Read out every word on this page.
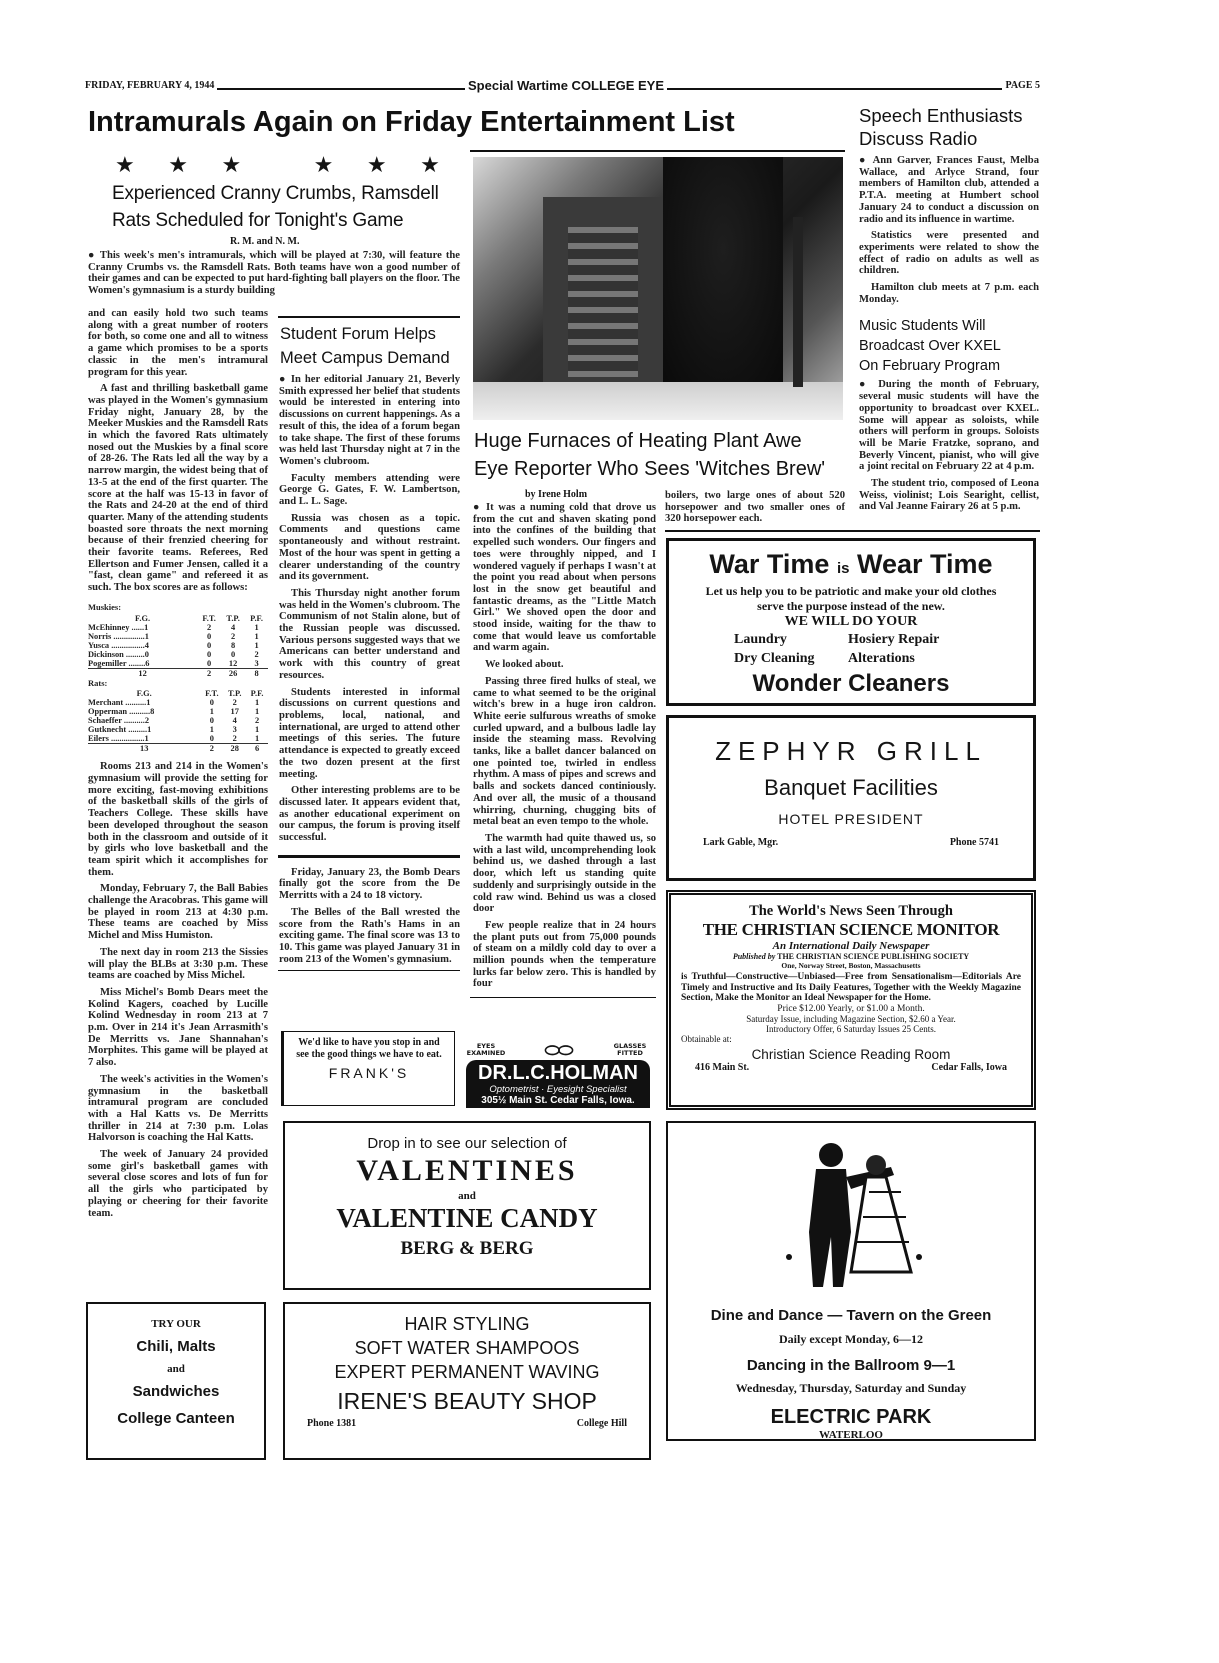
FRIDAY, FEBRUARY 4, 1944	Special Wartime COLLEGE EYE	PAGE 5
Intramurals Again on Friday Entertainment List
★ ★ ★   ★ ★ ★
Experienced Cranny Crumbs, Ramsdell
Rats Scheduled for Tonight's Game
R. M. and N. M.

● This week's men's intramurals, which will be played at 7:30, will feature the Cranny Crumbs vs. the Ramsdell Rats. Both teams have won a good number of their games and can be expected to put hard-fighting ball players on the floor. The Women's gymnasium is a sturdy building

and can easily hold two such teams along with a great number of rooters for both, so come one and all to witness a game which promises to be a sports classic in the men's intramural program for this year.

A fast and thrilling basketball game was played in the Women's gymnasium Friday night, January 28, by the Meeker Muskies and the Ramsdell Rats in which the favored Rats ultimately nosed out the Muskies by a final score of 28-26. The Rats led all the way by a narrow margin, the widest being that of 13-5 at the end of the first quarter. The score at the half was 15-13 in favor of the Rats and 24-20 at the end of third quarter. Many of the attending students boasted sore throats the next morning because of their frenzied cheering for their favorite teams. Referees, Red Ellertson and Fumer Jensen, called it a "fast, clean game" and refereed it as such. The box scores are as follows:

Muskies:
	F.G.	F.T.	T.P.	P.F.
McEhinney ......1	2	4	1
Norris ...............1	0	2	1
Yusca ................4	0	8	1
Dickinson .........0	0	0	2
Pogemiller ........6	0	12	3
12	2	26	8
Rats:
	F.G.	F.T.	T.P.	P.F.
Merchant ..........1	0	2	1
Opperman ..........8	1	17	1
Schaeffer ..........2	0	4	2
Gutknecht .........1	1	3	1
Eilers ................1	0	2	1
13	2	28	6

Rooms 213 and 214 in the Women's gymnasium will provide the setting for more exciting, fast-moving exhibitions of the basketball skills of the girls of Teachers College. These skills have been developed throughout the season both in the classroom and outside of it by girls who love basketball and the team spirit which it accomplishes for them.

Monday, February 7, the Ball Babies challenge the Aracobras. This game will be played in room 213 at 4:30 p.m. These teams are coached by Miss Michel and Miss Humiston.

The next day in room 213 the Sissies will play the BLBs at 3:30 p.m. These teams are coached by Miss Michel.

Miss Michel's Bomb Dears meet the Kolind Kagers, coached by Lucille Kolind Wednesday in room 213 at 7 p.m. Over in 214 it's Jean Arrasmith's De Merritts vs. Jane Shannahan's Morphites. This game will be played at 7 also.

The week's activities in the Women's gymnasium in the basketball intramural program are concluded with a Hal Katts vs. De Merritts thriller in 214 at 7:30 p.m. Lolas Halvorson is coaching the Hal Katts.

The week of January 24 provided some girl's basketball games with several close scores and lots of fun for all the girls who participated by playing or cheering for their favorite team.

TRY OUR
Chili, Malts
and
Sandwiches
College Canteen
Student Forum Helps
Meet Campus Demand

● In her editorial January 21, Beverly Smith expressed her belief that students would be interested in entering into discussions on current happenings. As a result of this, the idea of a forum began to take shape. The first of these forums was held last Thursday night at 7 in the Women's clubroom.

Faculty members attending were George G. Gates, F. W. Lambertson, and L. L. Sage.

Russia was chosen as a topic. Comments and questions came spontaneously and without restraint. Most of the hour was spent in getting a clearer understanding of the country and its government.

This Thursday night another forum was held in the Women's clubroom. The Communism of not Stalin alone, but of the Russian people was discussed. Various persons suggested ways that we Americans can better understand and work with this country of great resources.

Students interested in informal discussions on current questions and problems, local, national, and international, are urged to attend other meetings of this series. The future attendance is expected to greatly exceed the two dozen present at the first meeting.

Other interesting problems are to be discussed later. It appears evident that, as another educational experiment on our campus, the forum is proving itself successful.

Friday, January 23, the Bomb Dears finally got the score from the De Merritts with a 24 to 18 victory.

The Belles of the Ball wrested the score from the Rath's Hams in an exciting game. The final score was 13 to 10. This game was played January 31 in room 213 of the Women's gymnasium.

We'd like to have you stop in and see the good things we have to eat.
FRANK'S
Huge Furnaces of Heating Plant Awe
Eye Reporter Who Sees 'Witches Brew'
by Irene Holm

● It was a numing cold that drove us from the cut and shaven skating pond into the confines of the building that expelled such wonders. Our fingers and toes were throughly nipped, and I wondered vaguely if perhaps I wasn't at the point you read about when persons lost in the snow get beautiful and fantastic dreams, as the "Little Match Girl." We shoved open the door and stood inside, waiting for the thaw to come that would leave us comfortable and warm again.

We looked about.

Passing three fired hulks of steal, we came to what seemed to be the original witch's brew in a huge iron caldron. White eerie sulfurous wreaths of smoke curled upward, and a bulbous ladle lay inside the steaming mass. Revolving tanks, like a ballet dancer balanced on one pointed toe, twirled in endless rhythm. A mass of pipes and screws and balls and sockets danced continiously. And over all, the music of a thousand whirring, churning, chugging bits of metal beat an even tempo to the whole.

The warmth had quite thawed us, so with a last wild, uncomprehending look behind us, we dashed through a last door, which left us standing quite suddenly and surprisingly outside in the cold raw wind. Behind us was a closed door

Few people realize that in 24 hours the plant puts out from 75,000 pounds of steam on a mildly cold day to over a million pounds when the temperature lurks far below zero. This is handled by four

EYES EXAMINED ⬭⬭	GLASSES FITTED
DR.L.C.HOLMAN
Optometrist · Eyesight Specialist
305½ Main St. Cedar Falls, Iowa.

boilers, two large ones of about 520 horsepower and two smaller ones of 320 horsepower each.

Speech Enthusiasts
Discuss Radio

● Ann Garver, Frances Faust, Melba Wallace, and Arlyce Strand, four members of Hamilton club, attended a P.T.A. meeting at Humbert school January 24 to conduct a discussion on radio and its influence in wartime.

Statistics were presented and experiments were related to show the effect of radio on adults as well as children.

Hamilton club meets at 7 p.m. each Monday.

Music Students Will
Broadcast Over KXEL
On February Program

● During the month of February, several music students will have the opportunity to broadcast over KXEL. Some will appear as soloists, while others will perform in groups. Soloists will be Marie Fratzke, soprano, and Beverly Vincent, pianist, who will give a joint recital on February 22 at 4 p.m.

The student trio, composed of Leona Weiss, violinist; Lois Searight, cellist, and Val Jeanne Fairary 26 at 5 p.m.

War Time is Wear Time
Let us help you to be patriotic and make your old clothes
serve the purpose instead of the new.
WE WILL DO YOUR
Laundry	Hosiery Repair
Dry Cleaning	Alterations
Wonder Cleaners
ZEPHYR GRILL
Banquet Facilities
HOTEL PRESIDENT
Lark Gable, Mgr.	Phone 5741
The World's News Seen Through
THE CHRISTIAN SCIENCE MONITOR
An International Daily Newspaper
Published by THE CHRISTIAN SCIENCE PUBLISHING SOCIETY
One, Norway Street, Boston, Massachusetts
is Truthful—Constructive—Unbiased—Free from Sensationalism—Editorials Are Timely and Instructive and Its Daily Features, Together with the Weekly Magazine Section, Make the Monitor an Ideal Newspaper for the Home.
Price $12.00 Yearly, or $1.00 a Month.
Saturday Issue, including Magazine Section, $2.60 a Year.
Introductory Offer, 6 Saturday Issues 25 Cents.
Obtainable at:
Christian Science Reading Room
416 Main St.	Cedar Falls, Iowa
Drop in to see our selection of
VALENTINES
and
VALENTINE CANDY
BERG & BERG
Dine and Dance — Tavern on the Green
Daily except Monday, 6—12
Dancing in the Ballroom 9—1
Wednesday, Thursday, Saturday and Sunday
ELECTRIC PARK
WATERLOO
HAIR STYLING
SOFT WATER SHAMPOOS
EXPERT PERMANENT WAVING
IRENE'S BEAUTY SHOP
Phone 1381	College Hill
